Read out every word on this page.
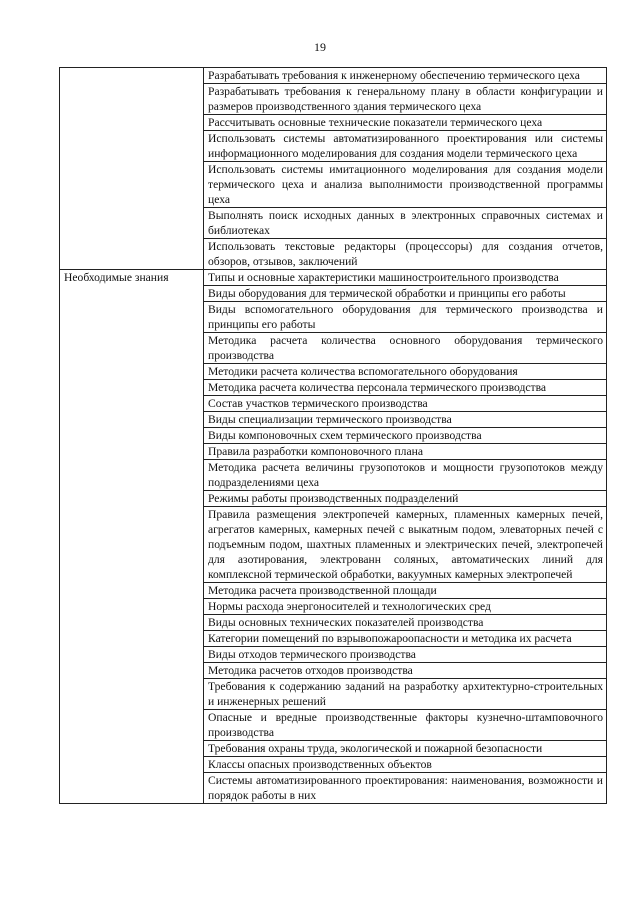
19
	Разрабатывать требования к инженерному обеспечению термического цеха
	Разрабатывать требования к генеральному плану в области конфигурации и размеров производственного здания термического цеха
	Рассчитывать основные технические показатели термического цеха
	Использовать системы автоматизированного проектирования или системы информационного моделирования для создания модели термического цеха
	Использовать системы имитационного моделирования для создания модели термического цеха и анализа выполнимости производственной программы цеха
	Выполнять поиск исходных данных в электронных справочных системах и библиотеках
	Использовать текстовые редакторы (процессоры) для создания отчетов, обзоров, отзывов, заключений
Необходимые знания	Типы и основные характеристики машиностроительного производства
	Виды оборудования для термической обработки и принципы его работы
	Виды вспомогательного оборудования для термического производства и принципы его работы
	Методика расчета количества основного оборудования термического производства
	Методики расчета количества вспомогательного оборудования
	Методика расчета количества персонала термического производства
	Состав участков термического производства
	Виды специализации термического производства
	Виды компоновочных схем термического производства
	Правила разработки компоновочного плана
	Методика расчета величины грузопотоков и мощности грузопотоков между подразделениями цеха
	Режимы работы производственных подразделений
	Правила размещения электропечей камерных, пламенных камерных печей, агрегатов камерных, камерных печей с выкатным подом, элеваторных печей с подъемным подом, шахтных пламенных и электрических печей, электропечей для азотирования, электрованн соляных, автоматических линий для комплексной термической обработки, вакуумных камерных электропечей
	Методика расчета производственной площади
	Нормы расхода энергоносителей и технологических сред
	Виды основных технических показателей производства
	Категории помещений по взрывопожароопасности и методика их расчета
	Виды отходов термического производства
	Методика расчетов отходов производства
	Требования к содержанию заданий на разработку архитектурно-строительных и инженерных решений
	Опасные и вредные производственные факторы кузнечно-штамповочного производства
	Требования охраны труда, экологической и пожарной безопасности
	Классы опасных производственных объектов
	Системы автоматизированного проектирования: наименования, возможности и порядок работы в них
